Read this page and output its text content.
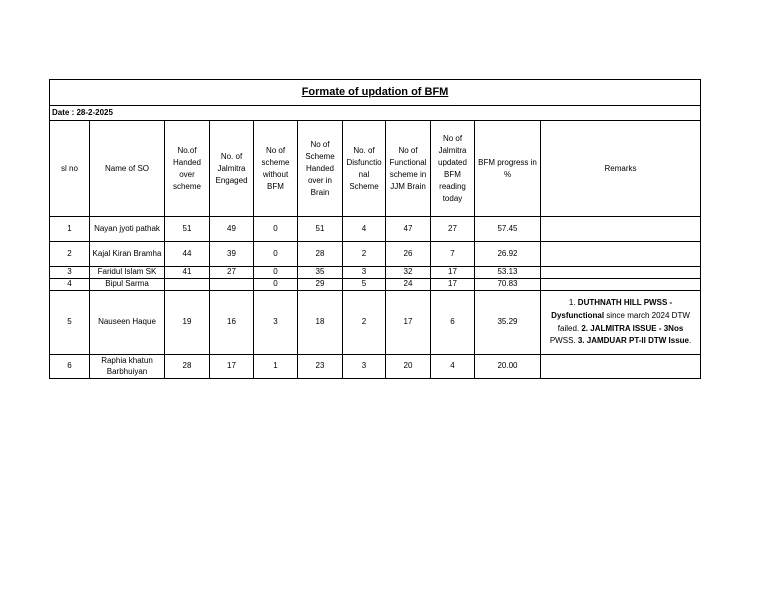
Formate of updation of BFM										
Date : 28-2-2025										
sl no	Name of SO	No.of Handed over scheme	No. of Jalmitra Engaged	No of scheme without BFM	No of Scheme Handed over in Brain	No. of Disfunctional Scheme	No of Functional scheme in JJM Brain	No of Jalmitra updated BFM reading today	BFM progress in %	Remarks
1	Nayan jyoti pathak	51	49	0	51	4	47	27	57.45	
2	Kajal Kiran Bramha	44	39	0	28	2	26	7	26.92	
3	Faridul Islam SK	41	27	0	35	3	32	17	53.13	
4	Bipul Sarma			0	29	5	24	17	70.83	
5	Nauseen Haque	19	16	3	18	2	17	6	35.29	1. DUTHNATH HILL PWSS - Dysfunctional since march 2024 DTW failed. 2. JALMITRA ISSUE - 3Nos PWSS. 3. JAMDUAR PT-II DTW Issue.
6	Raphia khatun Barbhuiyan	28	17	1	23	3	20	4	20.00	
